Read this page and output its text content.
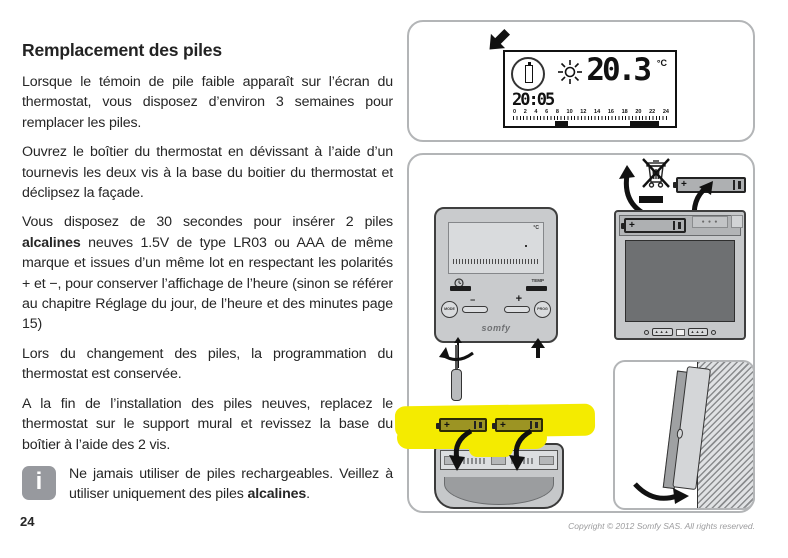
Remplacement des piles

Lorsque le témoin de pile faible apparaît sur l’écran du thermostat, vous disposez d’environ 3 semaines pour remplacer les piles.

Ouvrez le boîtier du thermostat en dévissant à l’aide d’un tournevis les deux vis à la base du boitier du thermostat et déclipsez la façade.

Vous disposez de 30 secondes pour insérer 2 piles alcalines neuves 1.5V de type LR03 ou AAA de même marque et issues d’un même lot en respectant les polarités + et −, pour conserver l’affichage de l’heure (sinon se référer au chapitre Réglage du jour, de l’heure et des minutes page 15)

Lors du changement des piles, la programmation du thermostat est conservée.

A la fin de l’installation des piles neuves, replacez le thermostat sur le support mural et revissez la base du boîtier à l’aide des 2 vis.

i	Ne jamais utiliser de piles rechargeables. Veillez à utiliser uniquement des piles alcalines.
20.3 °C
20:05
0 2 4 6 8 10 12 14 16 18 20 22 24
°C
TEMP
MODE
−	+
PROG
somfy
+
+	● ● ●
▲▲▲	▲▲▲
+	+
24	Copyright © 2012 Somfy SAS. All rights reserved.
